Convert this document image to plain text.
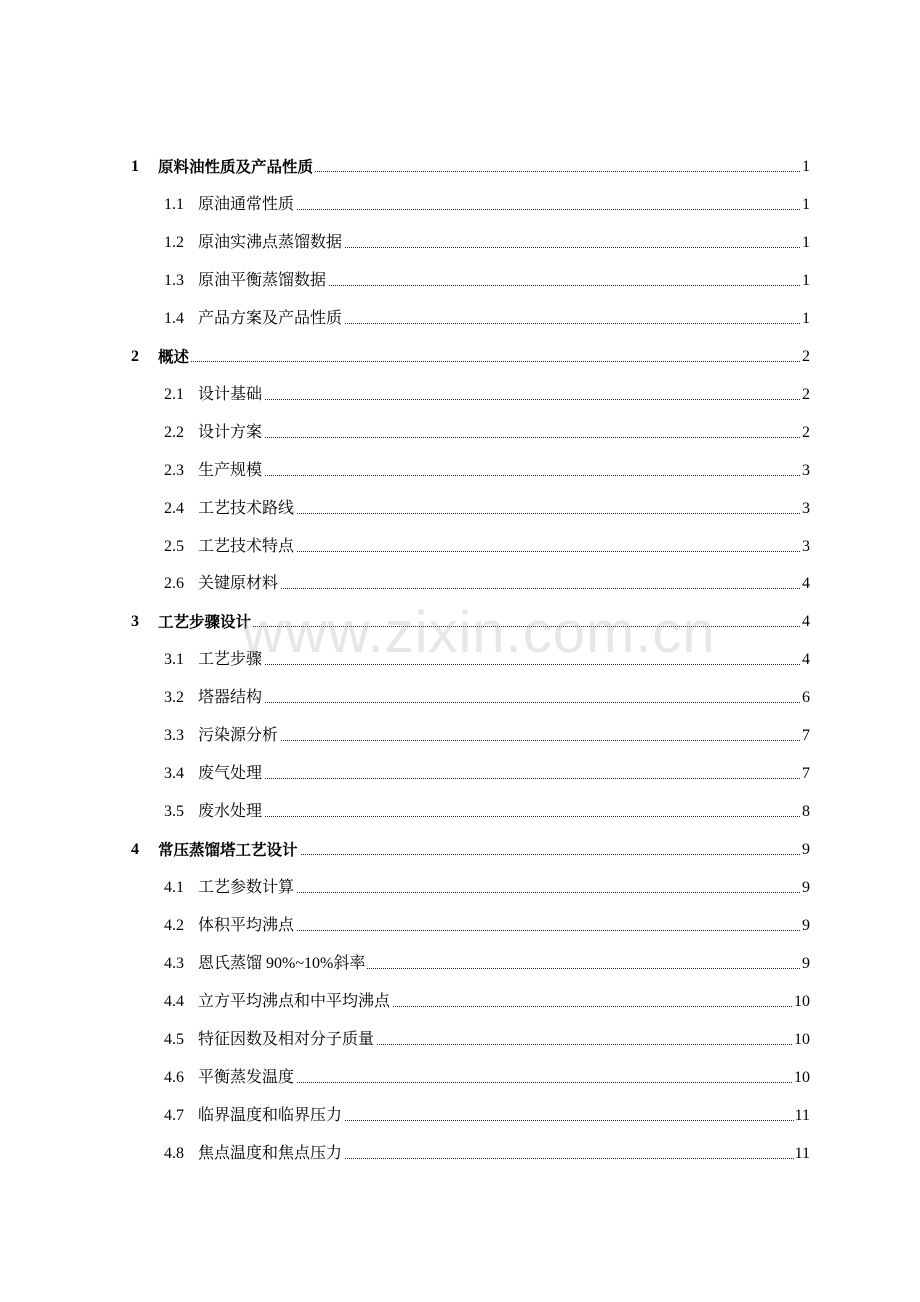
1 原料油性质及产品性质	1
1.1 原油通常性质	1
1.2 原油实沸点蒸馏数据	1
1.3 原油平衡蒸馏数据	1
1.4 产品方案及产品性质	1
2 概述	2
2.1 设计基础	2
2.2 设计方案	2
2.3 生产规模	3
2.4 工艺技术路线	3
2.5 工艺技术特点	3
2.6 关键原材料	4
3 工艺步骤设计	4
3.1 工艺步骤	4
3.2 塔器结构	6
3.3 污染源分析	7
3.4 废气处理	7
3.5 废水处理	8
4 常压蒸馏塔工艺设计	9
4.1 工艺参数计算	9
4.2 体积平均沸点	9
4.3 恩氏蒸馏 90%~10%斜率	9
4.4 立方平均沸点和中平均沸点	10
4.5 特征因数及相对分子质量	10
4.6 平衡蒸发温度	10
4.7 临界温度和临界压力	11
4.8 焦点温度和焦点压力	11
www.zixin.com.cn
